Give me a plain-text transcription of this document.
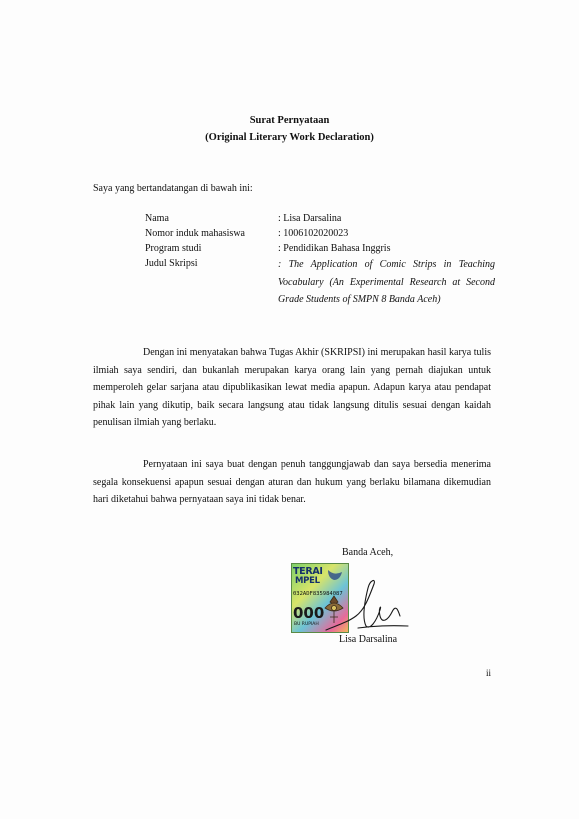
Surat Pernyataan
(Original Literary Work Declaration)
Saya yang bertandatangan di bawah ini:
Nama	: Lisa Darsalina
Nomor induk mahasiswa	: 1006102020023
Program studi	: Pendidikan Bahasa Inggris
Judul Skripsi	: The Application of Comic Strips in Teaching Vocabulary (An Experimental Research at Second Grade Students of SMPN 8 Banda Aceh)
Dengan ini menyatakan bahwa Tugas Akhir (SKRIPSI) ini merupakan hasil karya tulis ilmiah saya sendiri, dan bukanlah merupakan karya orang lain yang pernah diajukan untuk memperoleh gelar sarjana atau dipublikasikan lewat media apapun. Adapun karya atau pendapat pihak lain yang dikutip, baik secara langsung atau tidak langsung ditulis sesuai dengan kaidah penulisan ilmiah yang berlaku.
Pernyataan ini saya buat dengan penuh tanggungjawab dan saya bersedia menerima segala konsekuensi apapun sesuai dengan aturan dan hukum yang berlaku bilamana dikemudian hari diketahui bahwa pernyataan saya ini tidak benar.
Banda Aceh,
TERAI
MPEL
032ADF835984087
000
BU RUPIAH
Lisa Darsalina
ii
